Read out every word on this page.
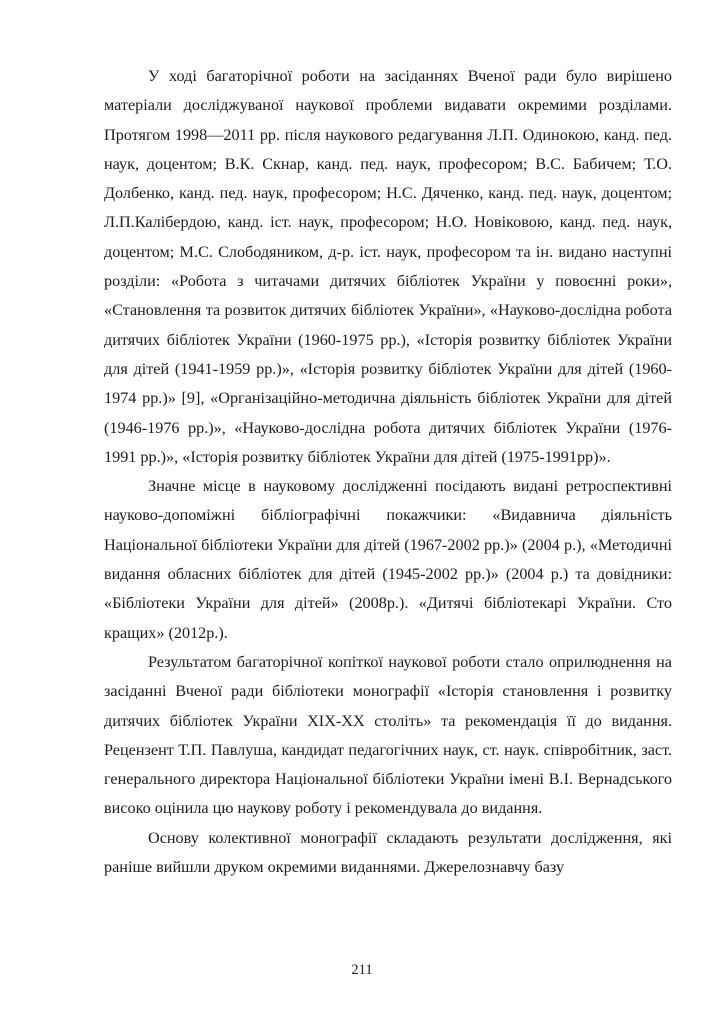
У ході багаторічної роботи на засіданнях Вченої ради було вирішено матеріали досліджуваної наукової проблеми видавати окремими розділами. Протягом 1998—2011 рр. після наукового редагування Л.П. Одинокою, канд. пед. наук, доцентом; В.К. Скнар, канд. пед. наук, професором; В.С. Бабичем; Т.О. Долбенко, канд. пед. наук, професором; Н.С. Дяченко, канд. пед. наук, доцентом; Л.П.Калібердою, канд. іст. наук, професором; Н.О. Новіковою, канд. пед. наук, доцентом; М.С. Слободяником, д-р. іст. наук, професором та ін. видано наступні розділи: «Робота з читачами дитячих бібліотек України у повоєнні роки», «Становлення та розвиток дитячих бібліотек України», «Науково-дослідна робота дитячих бібліотек України (1960-1975 рр.), «Історія розвитку бібліотек України для дітей (1941-1959 рр.)», «Історія розвитку бібліотек України для дітей (1960-1974 рр.)» [9], «Організаційно-методична діяльність бібліотек України для дітей (1946-1976 рр.)», «Науково-дослідна робота дитячих бібліотек України (1976-1991 рр.)», «Історія розвитку бібліотек України для дітей (1975-1991рр)».

Значне місце в науковому дослідженні посідають видані ретроспективні науково-допоміжні бібліографічні покажчики: «Видавнича діяльність Національної бібліотеки України для дітей (1967-2002 рр.)» (2004 р.), «Методичні видання обласних бібліотек для дітей (1945-2002 рр.)» (2004 р.) та довідники: «Бібліотеки України для дітей» (2008р.). «Дитячі бібліотекарі України. Сто кращих» (2012р.).

Результатом багаторічної копіткої наукової роботи стало оприлюднення на засіданні Вченої ради бібліотеки монографії «Історія становлення і розвитку дитячих бібліотек України XIX-XX століть» та рекомендація її до видання. Рецензент Т.П. Павлуша, кандидат педагогічних наук, ст. наук. співробітник, заст. генерального директора Національної бібліотеки України імені В.І. Вернадського високо оцінила цю наукову роботу і рекомендувала до видання.

Основу колективної монографії складають результати дослідження, які раніше вийшли друком окремими виданнями. Джерелознавчу базу

211
